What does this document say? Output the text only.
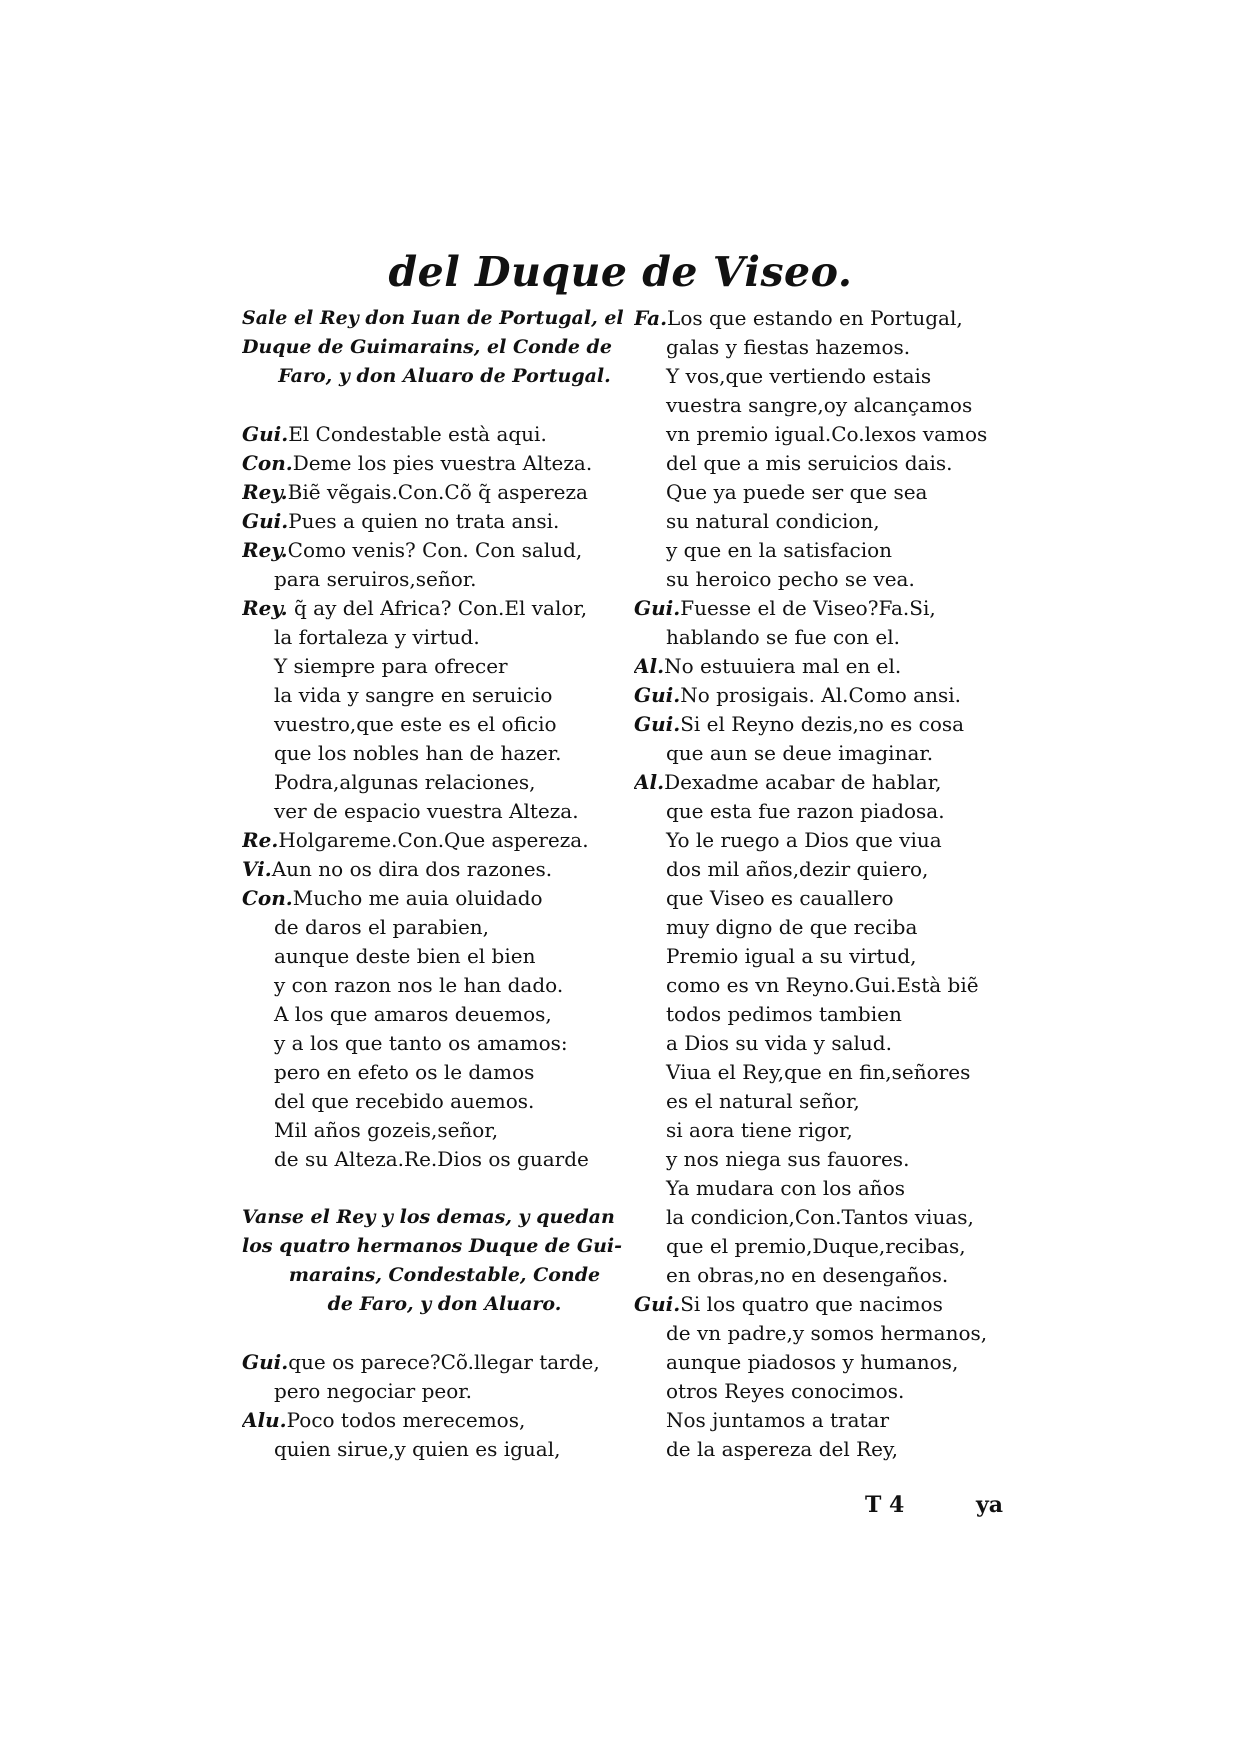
del Duque de Viseo.
Sale el Rey don Iuan de Portugal, el
Duque de Guimarains, el Conde de
Faro, y don Aluaro de Portugal.
Gui.El Condestable està aqui.
Con.Deme los pies vuestra Alteza.
Rey.Biẽ vẽgais.Con.Cõ q̃ aspereza
Gui.Pues a quien no trata ansi.
Rey.Como venis? Con. Con salud,
para seruiros,señor.
Rey. q̃ ay del Africa? Con.El valor,
la fortaleza y virtud.
Y siempre para ofrecer
la vida y sangre en seruicio
vuestro,que este es el oficio
que los nobles han de hazer.
Podra,algunas relaciones,
ver de espacio vuestra Alteza.
Re.Holgareme.Con.Que aspereza.
Vi.Aun no os dira dos razones.
Con.Mucho me auia oluidado
de daros el parabien,
aunque deste bien el bien
y con razon nos le han dado.
A los que amaros deuemos,
y a los que tanto os amamos:
pero en efeto os le damos
del que recebido auemos.
Mil años gozeis,señor,
de su Alteza.Re.Dios os guarde
Vanse el Rey y los demas, y quedan
los quatro hermanos Duque de Gui-
marains, Condestable, Conde
de Faro, y don Aluaro.
Gui.que os parece?Cõ.llegar tarde,
pero negociar peor.
Alu.Poco todos merecemos,
quien sirue,y quien es igual,
Fa.Los que estando en Portugal,
galas y fiestas hazemos.
Y vos,que vertiendo estais
vuestra sangre,oy alcançamos
vn premio igual.Co.lexos vamos
del que a mis seruicios dais.
Que ya puede ser que sea
su natural condicion,
y que en la satisfacion
su heroico pecho se vea.
Gui.Fuesse el de Viseo?Fa.Si,
hablando se fue con el.
Al.No estuuiera mal en el.
Gui.No prosigais. Al.Como ansi.
Gui.Si el Reyno dezis,no es cosa
que aun se deue imaginar.
Al.Dexadme acabar de hablar,
que esta fue razon piadosa.
Yo le ruego a Dios que viua
dos mil años,dezir quiero,
que Viseo es cauallero
muy digno de que reciba
Premio igual a su virtud,
como es vn Reyno.Gui.Està biẽ
todos pedimos tambien
a Dios su vida y salud.
Viua el Rey,que en fin,señores
es el natural señor,
si aora tiene rigor,
y nos niega sus fauores.
Ya mudara con los años
la condicion,Con.Tantos viuas,
que el premio,Duque,recibas,
en obras,no en desengaños.
Gui.Si los quatro que nacimos
de vn padre,y somos hermanos,
aunque piadosos y humanos,
otros Reyes conocimos.
Nos juntamos a tratar
de la aspereza del Rey,
T 4	ya
